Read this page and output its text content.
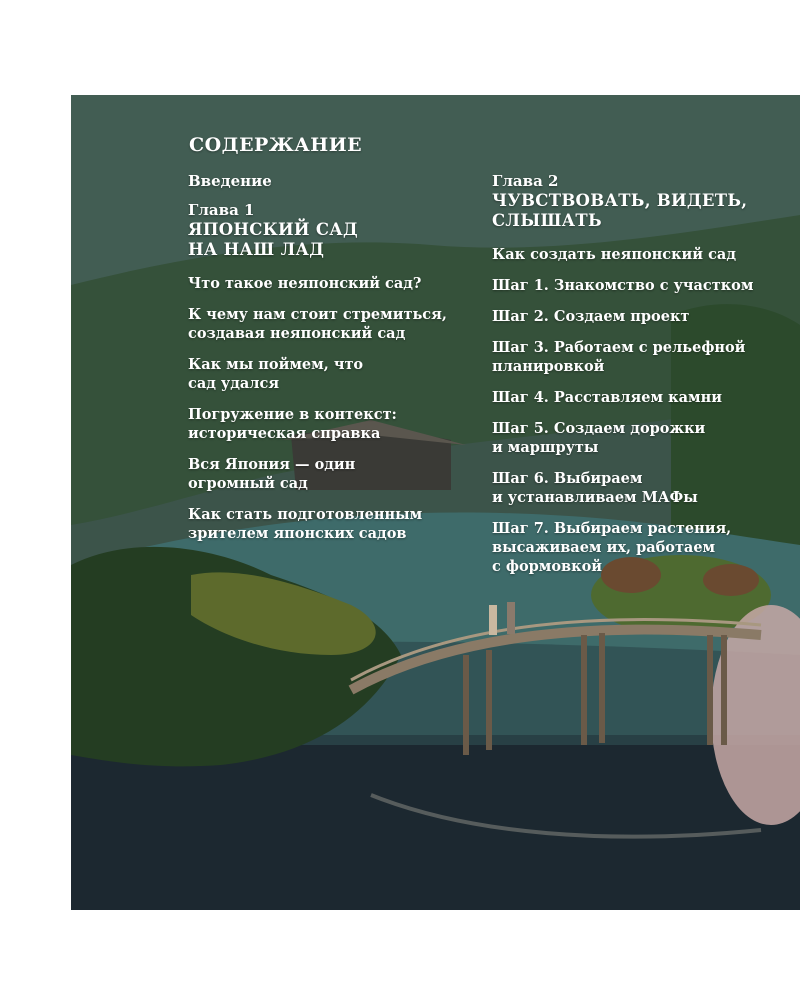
СОДЕРЖАНИЕ
Введение
Глава 1
ЯПОНСКИЙ САД
НА НАШ ЛАД
Что такое неяпонский сад?
К чему нам стоит стремиться,
создавая неяпонский сад
Как мы поймем, что
сад удался
Погружение в контекст:
историческая справка
Вся Япония — один
огромный сад
Как стать подготовленным
зрителем японских садов
Глава 2
ЧУВСТВОВАТЬ, ВИДЕТЬ,
СЛЫШАТЬ
Как создать неяпонский сад
Шаг 1. Знакомство с участком
Шаг 2. Создаем проект
Шаг 3. Работаем с рельефной
планировкой
Шаг 4. Расставляем камни
Шаг 5. Создаем дорожки
и маршруты
Шаг 6. Выбираем
и устанавливаем МАФы
Шаг 7. Выбираем растения,
высаживаем их, работаем
с формовкой
